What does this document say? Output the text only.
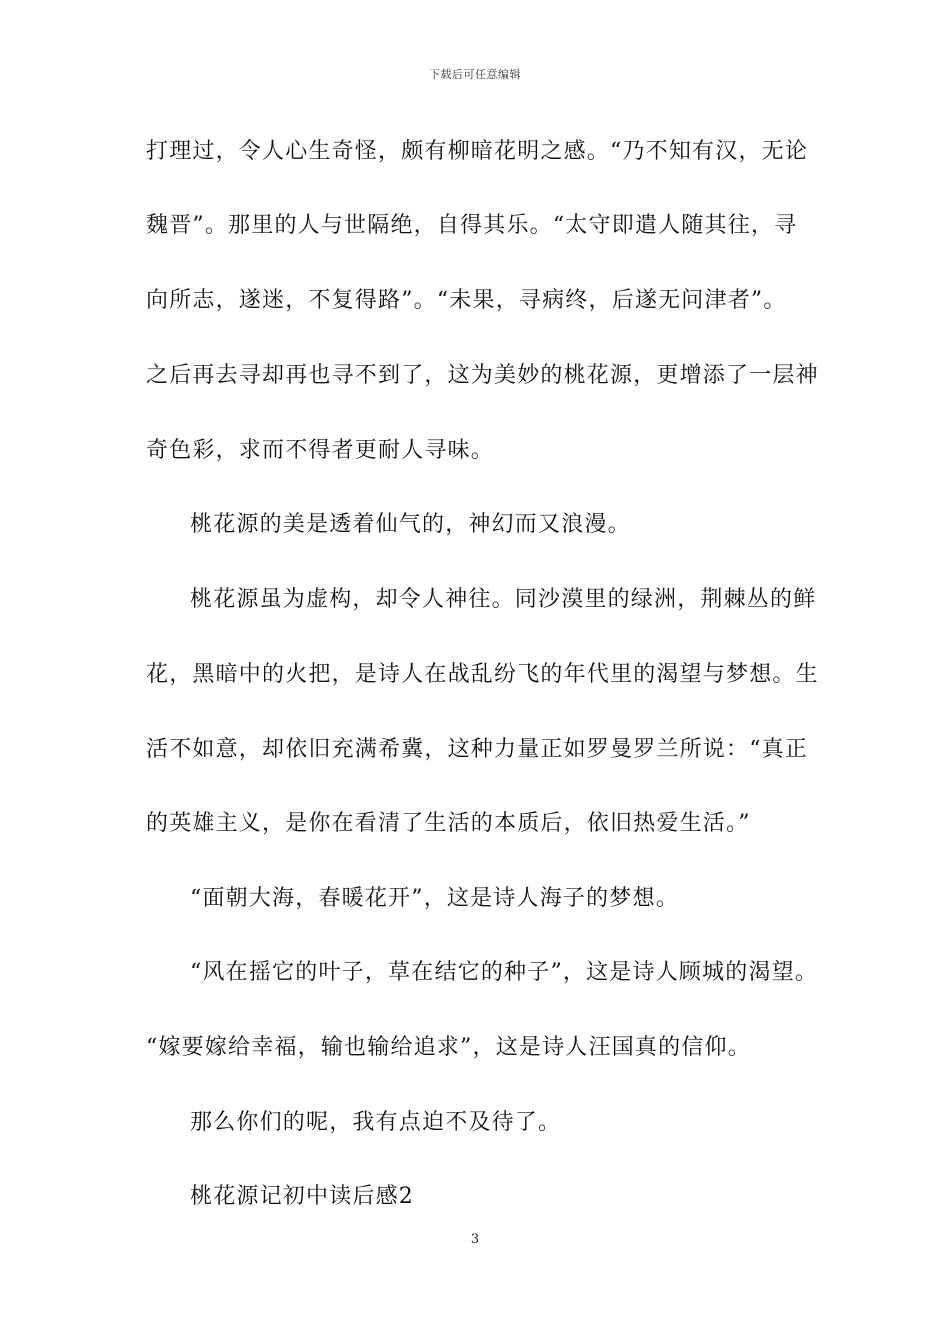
下载后可任意编辑
打理过，令人心生奇怪，颇有柳暗花明之感。“乃不知有汉，无论
魏晋”。那里的人与世隔绝，自得其乐。“太守即遣人随其往，寻
向所志，遂迷，不复得路”。“未果，寻病终，后遂无问津者”。
之后再去寻却再也寻不到了，这为美妙的桃花源，更增添了一层神
奇色彩，求而不得者更耐人寻味。
桃花源的美是透着仙气的，神幻而又浪漫。
桃花源虽为虚构，却令人神往。同沙漠里的绿洲，荆棘丛的鲜
花，黑暗中的火把，是诗人在战乱纷飞的年代里的渴望与梦想。生
活不如意，却依旧充满希冀，这种力量正如罗曼罗兰所说：“真正
的英雄主义，是你在看清了生活的本质后，依旧热爱生活。”
“面朝大海，春暖花开”，这是诗人海子的梦想。
“风在摇它的叶子，草在结它的种子”，这是诗人顾城的渴望。
“嫁要嫁给幸福，输也输给追求”，这是诗人汪国真的信仰。
那么你们的呢，我有点迫不及待了。
桃花源记初中读后感2
3
